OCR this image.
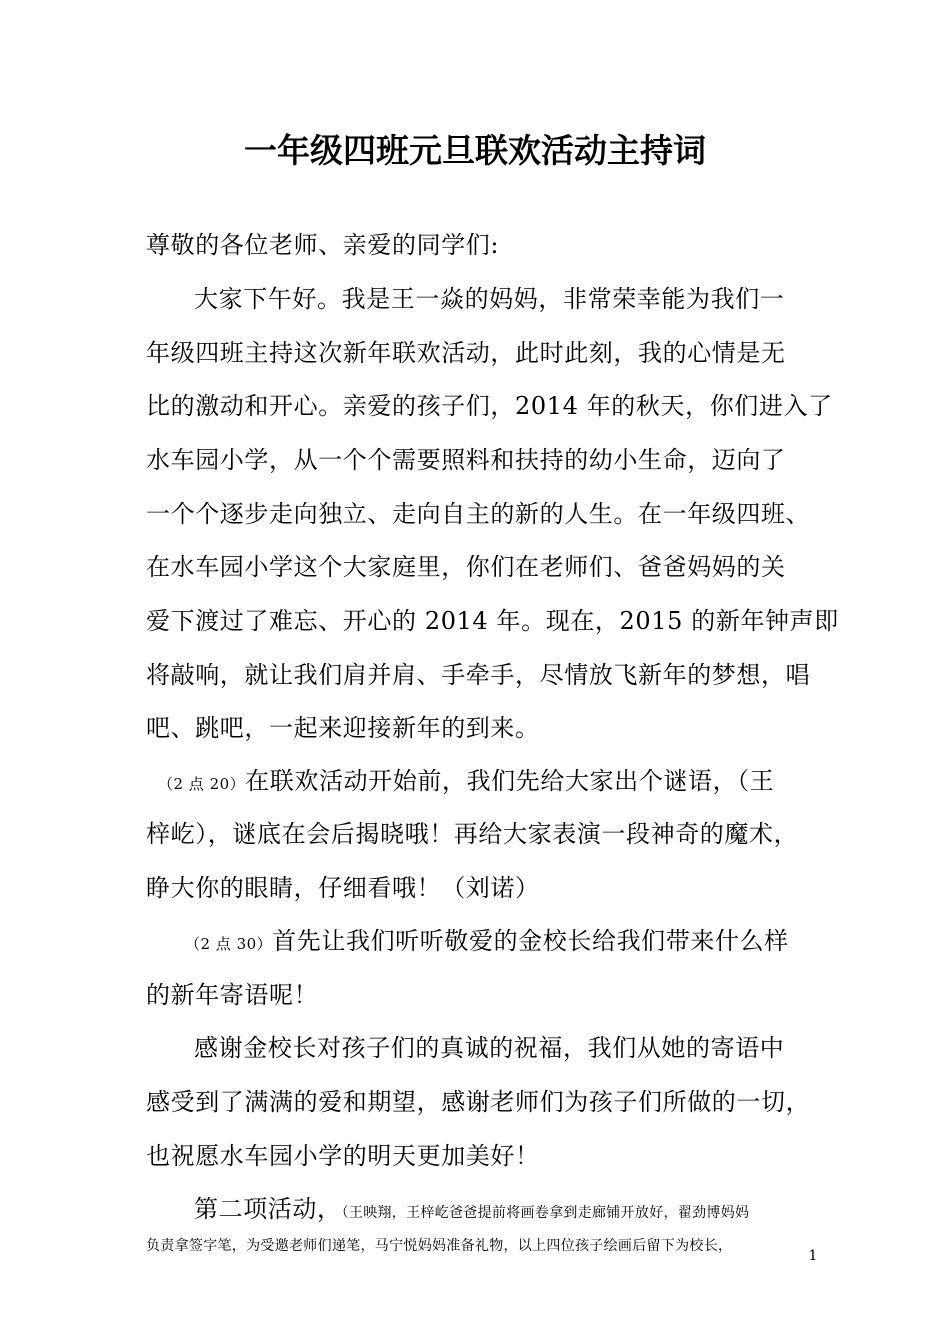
一年级四班元旦联欢活动主持词
尊敬的各位老师、亲爱的同学们:
大家下午好。我是王一焱的妈妈，非常荣幸能为我们一
年级四班主持这次新年联欢活动，此时此刻，我的心情是无
比的激动和开心。亲爱的孩子们，2014 年的秋天，你们进入了
水车园小学，从一个个需要照料和扶持的幼小生命，迈向了
一个个逐步走向独立、走向自主的新的人生。在一年级四班、
在水车园小学这个大家庭里，你们在老师们、爸爸妈妈的关
爱下渡过了难忘、开心的 2014 年。现在，2015 的新年钟声即
将敲响，就让我们肩并肩、手牵手，尽情放飞新年的梦想，唱
吧、跳吧，一起来迎接新年的到来。
（2 点 20）在联欢活动开始前，我们先给大家出个谜语，（王
梓屹），谜底在会后揭晓哦！再给大家表演一段神奇的魔术，
睁大你的眼睛，仔细看哦！（刘诺）
（2 点 30）首先让我们听听敬爱的金校长给我们带来什么样
的新年寄语呢！
感谢金校长对孩子们的真诚的祝福，我们从她的寄语中
感受到了满满的爱和期望，感谢老师们为孩子们所做的一切，
也祝愿水车园小学的明天更加美好！
第二项活动，（王映翔，王梓屹爸爸提前将画卷拿到走廊铺开放好，翟劲博妈妈
负责拿签字笔，为受邀老师们递笔，马宁悦妈妈准备礼物，以上四位孩子绘画后留下为校长，
1
